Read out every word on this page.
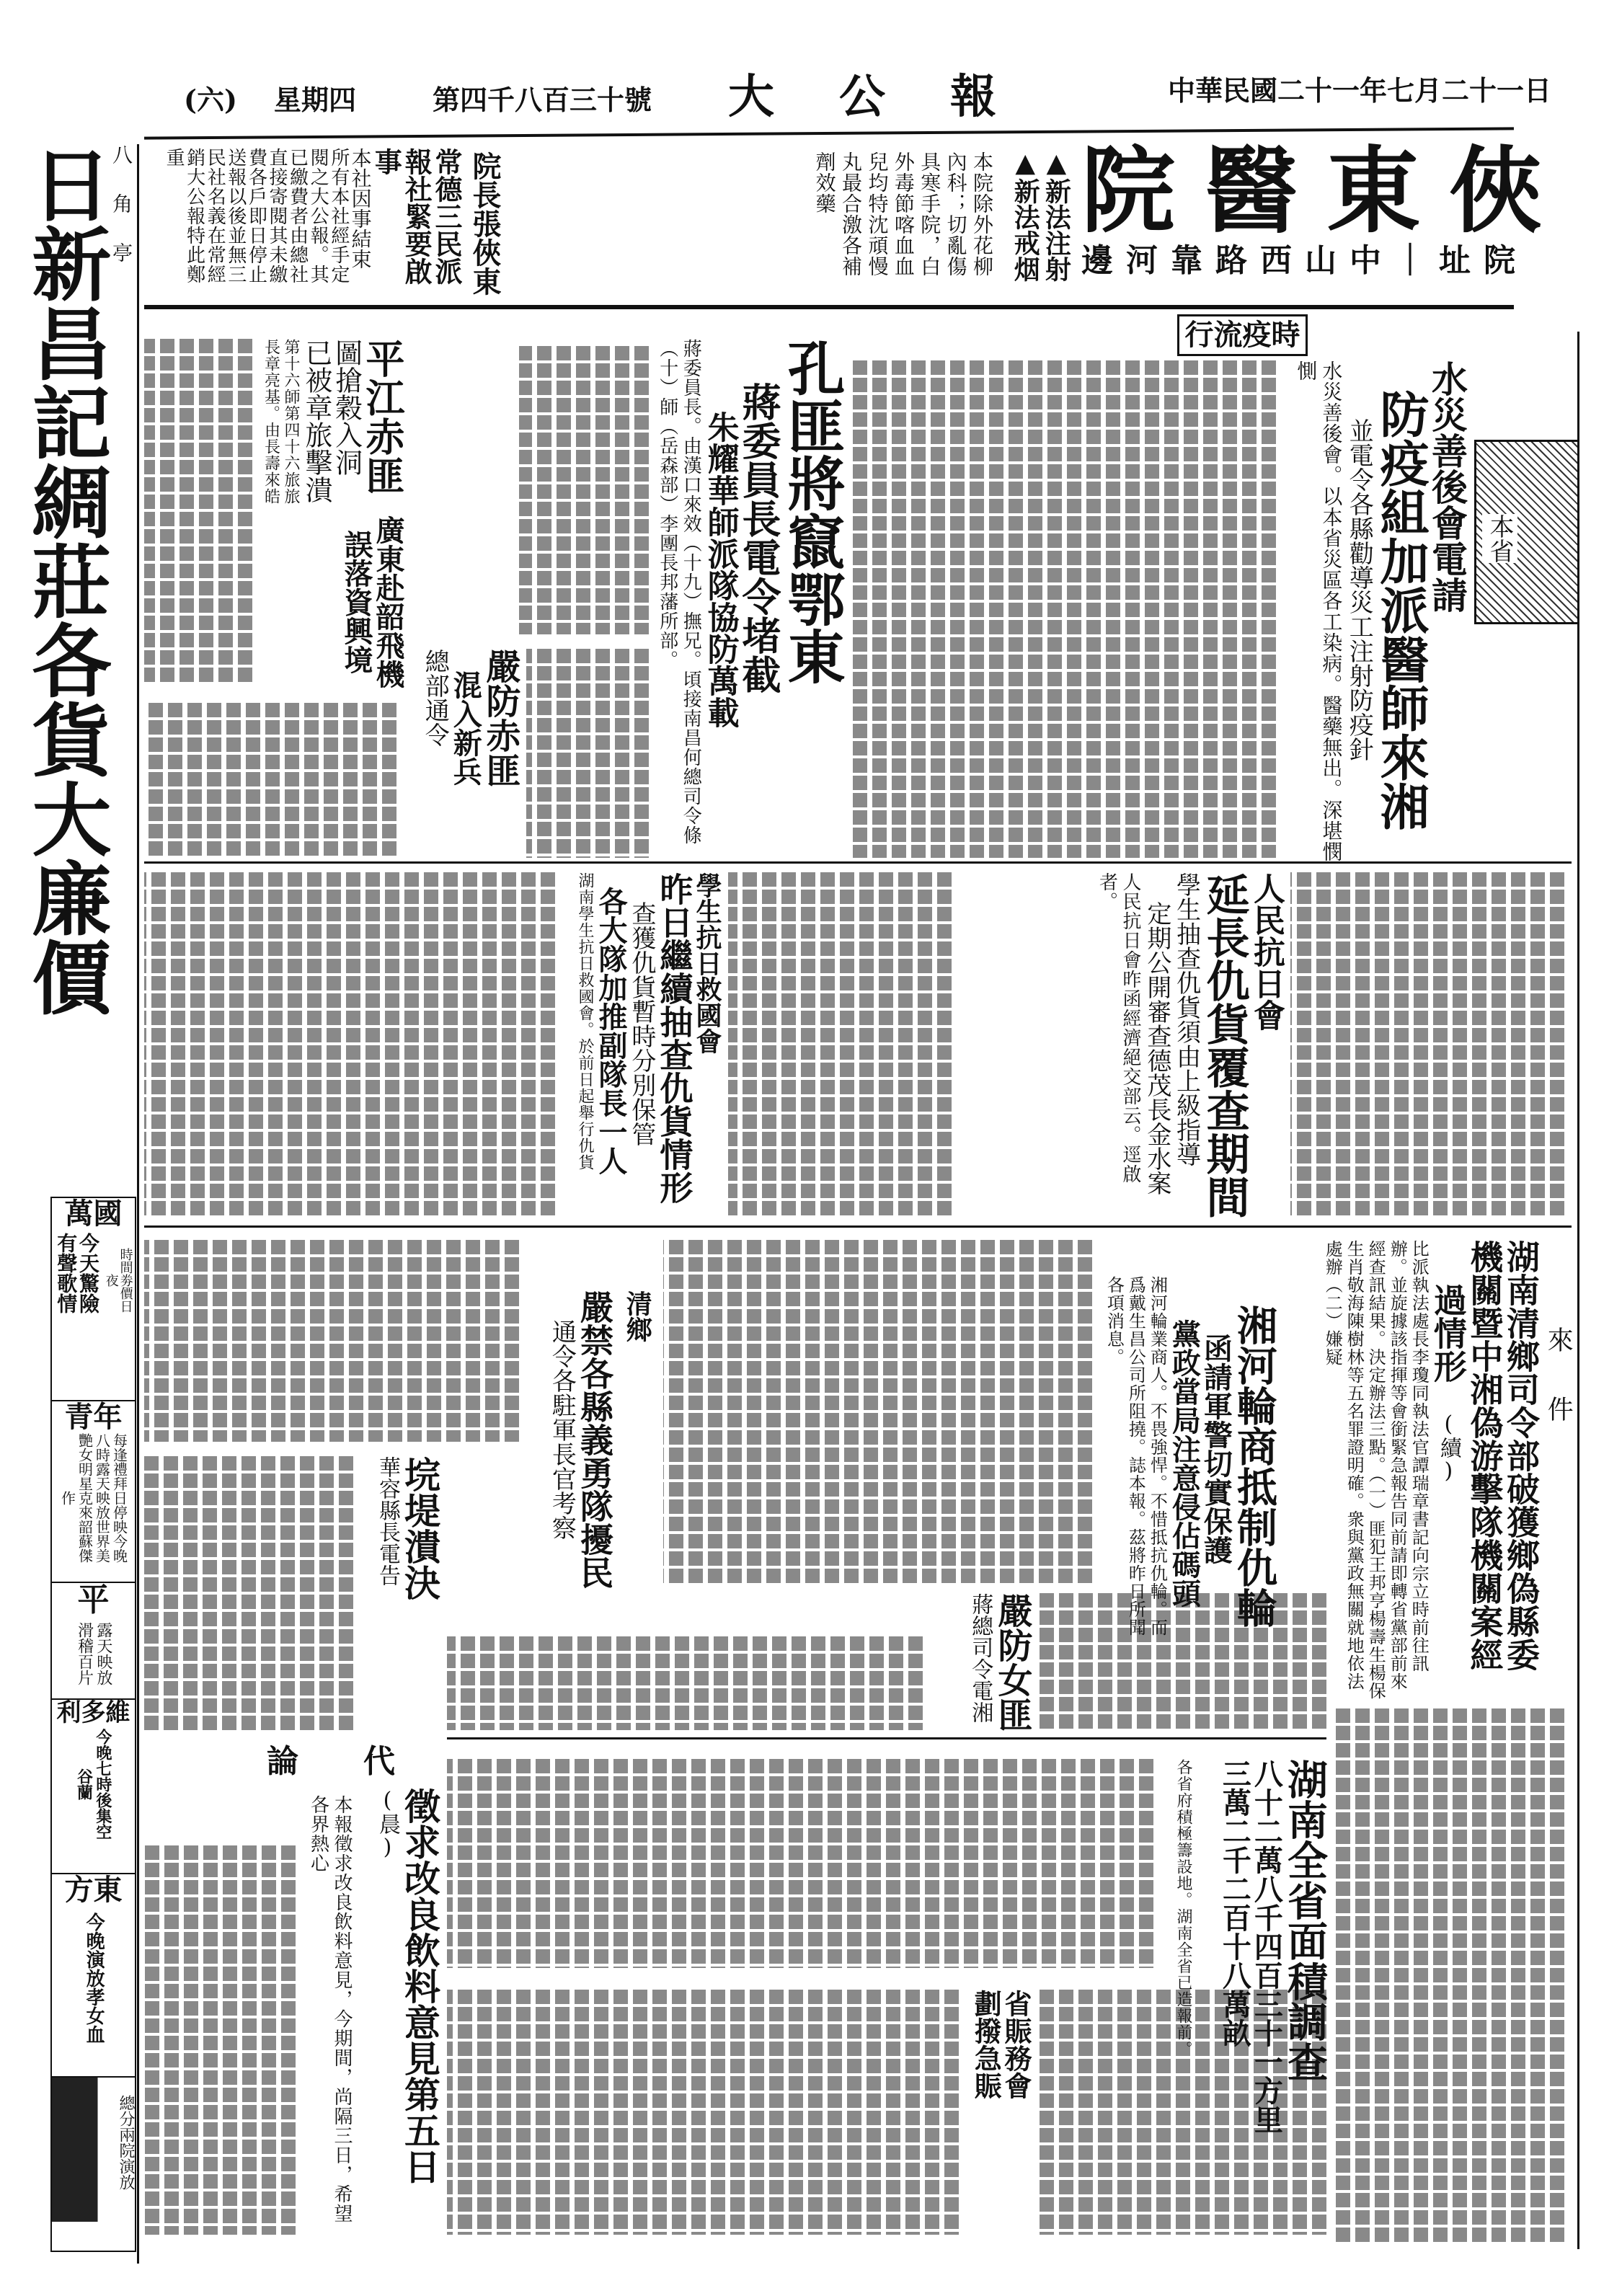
(六) 星期四	第四千八百三十號 大公報	中華民國二十一年七月二十一日
八角亭
日新昌記綢莊各貨大廉價	常德三民派報社緊要啟事
本社因事結束
所有本社經手定閱之大公報。其已繳費者由總社直接寄閱其未繳費各戶即日停止送報以後並無三民社名義在常經銷大公報特此鄭重	院長張俠東	本院除外花柳內科；切亂傷具寒手院，白外毒節喀血血兒均特沈頑慢丸最合激各補劑效藥	▲新法注射
▲新法戒烟 俠東醫院
院址｜中山西路靠河邊
時疫流行
本省
水災善後會電請
防疫組加派醫師來湘
並電令各縣勸導災工注射防疫針
水災善後會。以本省災區各工染病。醫藥無出。深堪憫惻
孔匪將竄鄂東
蔣委員長電令堵截
朱耀華師派隊協防萬載
蔣委員長。由漢口來效（十九）撫兄。頃接南昌何總司令條（十）師（岳森部）李團長邦藩所部。
平江赤匪
圖搶穀入洞
已被章旅擊潰
第十六師第四十六旅旅長章亮基。由長壽來皓
廣東赴韶飛機
誤落資興境
嚴防赤匪
混入新兵
總部通令
人民抗日會
延長仇貨覆查期間
學生抽查仇貨須由上級指導
定期公開審查德茂長金水案
人民抗日會昨函經濟絕交部云。逕啟者。
學生抗日救國會
昨日繼續抽查仇貨情形
查獲仇貨暫時分別保管
各大隊加推副隊長一人
湖南學生抗日救國會。於前日起舉行仇貨
來件
湖南清鄉司令部破獲鄉偽縣委
機關暨中湘偽游擊隊機關案經
過情形(續)
比派執法處長李瓊同執法官譚瑞章書記向宗立時前往訊辦。並旋據該指揮等會銜緊急報告同前請即轉省黨部前來經查訊結果。決定辦法三點。（一）匪犯王邦亨楊壽生楊保生肖敬海陳樹林等五名罪證明確。衆與黨政無關就地依法處辦（二）嫌疑
湘河輪商抵制仇輪
函請軍警切實保護
黨政當局注意侵佔碼頭
湘河輪業商人。不畏強悍。不惜抵抗仇輪。而爲戴生昌公司所阻撓。誌本報。茲將昨日所聞各項消息。
清鄉
嚴禁各縣義勇隊擾民
通令各駐軍長官考察
垸堤潰決
華容縣長電告
嚴防女匪
蔣總司令電湘
代論
徵求改良飲料意見第五日
(晨)
本報徵求改良飲料意見，今期間，尚隔三日，希望各界熱心	湖南全省面積調查
八十二萬八千四百三十一方里
三萬二千二百十八萬畝
各省府積極籌設地。湖南全省已造報前。
省賑務會
劃撥急賑
萬國
今天驚險有聲歌情	時間劵價日夜
青年
每逢禮拜日停映今晚八時露天映放世界美艷女明星克來韶蘇傑作
平
露天映放滑稽百片
維多利
今晚七時後集空谷蘭
東方
今晚演放孝女血
總分兩院演放
